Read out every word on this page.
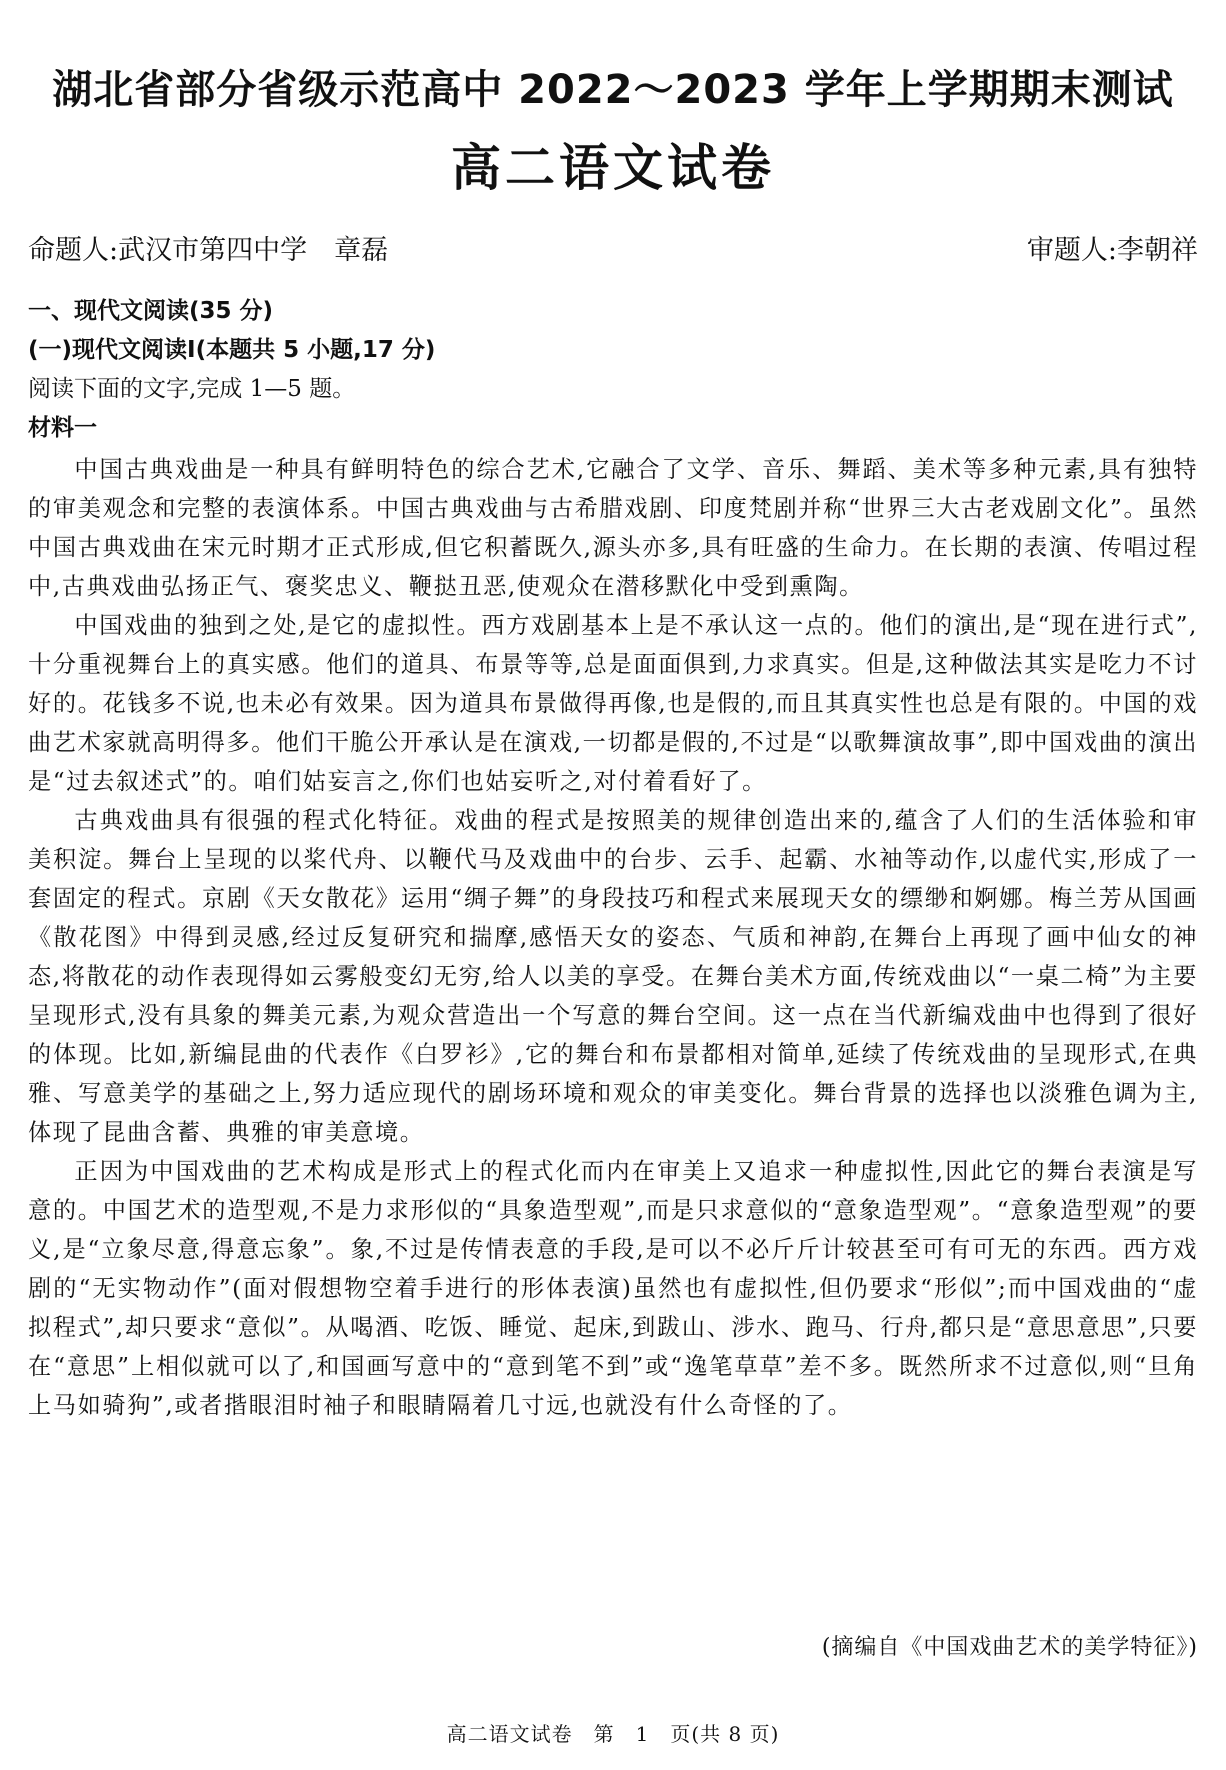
湖北省部分省级示范高中 2022～2023 学年上学期期末测试
高二语文试卷
命题人:武汉市第四中学　章磊	审题人:李朝祥
一、现代文阅读(35 分)
(一)现代文阅读Ⅰ(本题共 5 小题,17 分)
阅读下面的文字,完成 1—5 题。
材料一

中国古典戏曲是一种具有鲜明特色的综合艺术,它融合了文学、音乐、舞蹈、美术等多种元素,具有独特的审美观念和完整的表演体系。中国古典戏曲与古希腊戏剧、印度梵剧并称“世界三大古老戏剧文化”。虽然中国古典戏曲在宋元时期才正式形成,但它积蓄既久,源头亦多,具有旺盛的生命力。在长期的表演、传唱过程中,古典戏曲弘扬正气、褒奖忠义、鞭挞丑恶,使观众在潜移默化中受到熏陶。

中国戏曲的独到之处,是它的虚拟性。西方戏剧基本上是不承认这一点的。他们的演出,是“现在进行式”,十分重视舞台上的真实感。他们的道具、布景等等,总是面面俱到,力求真实。但是,这种做法其实是吃力不讨好的。花钱多不说,也未必有效果。因为道具布景做得再像,也是假的,而且其真实性也总是有限的。中国的戏曲艺术家就高明得多。他们干脆公开承认是在演戏,一切都是假的,不过是“以歌舞演故事”,即中国戏曲的演出是“过去叙述式”的。咱们姑妄言之,你们也姑妄听之,对付着看好了。

古典戏曲具有很强的程式化特征。戏曲的程式是按照美的规律创造出来的,蕴含了人们的生活体验和审美积淀。舞台上呈现的以桨代舟、以鞭代马及戏曲中的台步、云手、起霸、水袖等动作,以虚代实,形成了一套固定的程式。京剧《天女散花》运用“绸子舞”的身段技巧和程式来展现天女的缥缈和婀娜。梅兰芳从国画《散花图》中得到灵感,经过反复研究和揣摩,感悟天女的姿态、气质和神韵,在舞台上再现了画中仙女的神态,将散花的动作表现得如云雾般变幻无穷,给人以美的享受。在舞台美术方面,传统戏曲以“一桌二椅”为主要呈现形式,没有具象的舞美元素,为观众营造出一个写意的舞台空间。这一点在当代新编戏曲中也得到了很好的体现。比如,新编昆曲的代表作《白罗衫》,它的舞台和布景都相对简单,延续了传统戏曲的呈现形式,在典雅、写意美学的基础之上,努力适应现代的剧场环境和观众的审美变化。舞台背景的选择也以淡雅色调为主,体现了昆曲含蓄、典雅的审美意境。

正因为中国戏曲的艺术构成是形式上的程式化而内在审美上又追求一种虚拟性,因此它的舞台表演是写意的。中国艺术的造型观,不是力求形似的“具象造型观”,而是只求意似的“意象造型观”。“意象造型观”的要义,是“立象尽意,得意忘象”。象,不过是传情表意的手段,是可以不必斤斤计较甚至可有可无的东西。西方戏剧的“无实物动作”(面对假想物空着手进行的形体表演)虽然也有虚拟性,但仍要求“形似”;而中国戏曲的“虚拟程式”,却只要求“意似”。从喝酒、吃饭、睡觉、起床,到跋山、涉水、跑马、行舟,都只是“意思意思”,只要在“意思”上相似就可以了,和国画写意中的“意到笔不到”或“逸笔草草”差不多。既然所求不过意似,则“旦角上马如骑狗”,或者揩眼泪时袖子和眼睛隔着几寸远,也就没有什么奇怪的了。

(摘编自《中国戏曲艺术的美学特征》)
高二语文试卷　第　1　页(共 8 页)
